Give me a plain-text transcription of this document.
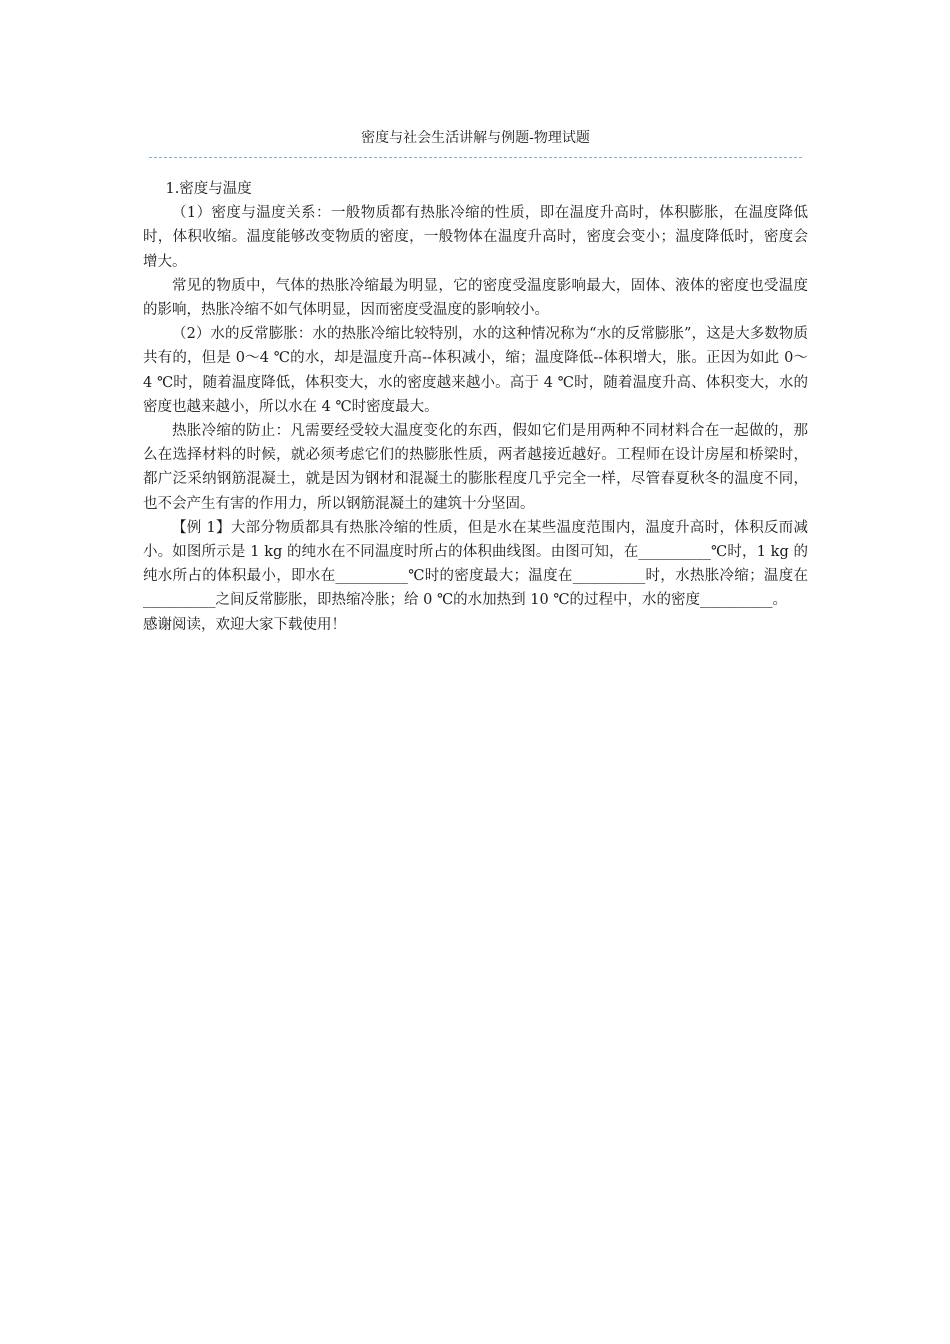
密度与社会生活讲解与例题-物理试题

1.密度与温度

（1）密度与温度关系：一般物质都有热胀冷缩的性质，即在温度升高时，体积膨胀，在温度降低时，体积收缩。温度能够改变物质的密度，一般物体在温度升高时，密度会变小；温度降低时，密度会增大。

常见的物质中，气体的热胀冷缩最为明显，它的密度受温度影响最大，固体、液体的密度也受温度的影响，热胀冷缩不如气体明显，因而密度受温度的影响较小。

（2）水的反常膨胀：水的热胀冷缩比较特别，水的这种情况称为“水的反常膨胀”，这是大多数物质共有的，但是 0～4 ℃的水，却是温度升高--体积减小，缩；温度降低--体积增大，胀。正因为如此 0～4 ℃时，随着温度降低，体积变大，水的密度越来越小。高于 4 ℃时，随着温度升高、体积变大，水的密度也越来越小，所以水在 4 ℃时密度最大。

热胀冷缩的防止：凡需要经受较大温度变化的东西，假如它们是用两种不同材料合在一起做的，那么在选择材料的时候，就必须考虑它们的热膨胀性质，两者越接近越好。工程师在设计房屋和桥梁时，都广泛采纳钢筋混凝土，就是因为钢材和混凝土的膨胀程度几乎完全一样，尽管春夏秋冬的温度不同，也不会产生有害的作用力，所以钢筋混凝土的建筑十分坚固。

【例 1】大部分物质都具有热胀冷缩的性质，但是水在某些温度范围内，温度升高时，体积反而减小。如图所示是 1 kg 的纯水在不同温度时所占的体积曲线图。由图可知，在__________℃时，1 kg 的纯水所占的体积最小，即水在__________℃时的密度最大；温度在__________时，水热胀冷缩；温度在__________之间反常膨胀，即热缩冷胀；给 0 ℃的水加热到 10 ℃的过程中，水的密度__________。

感谢阅读，欢迎大家下载使用！
